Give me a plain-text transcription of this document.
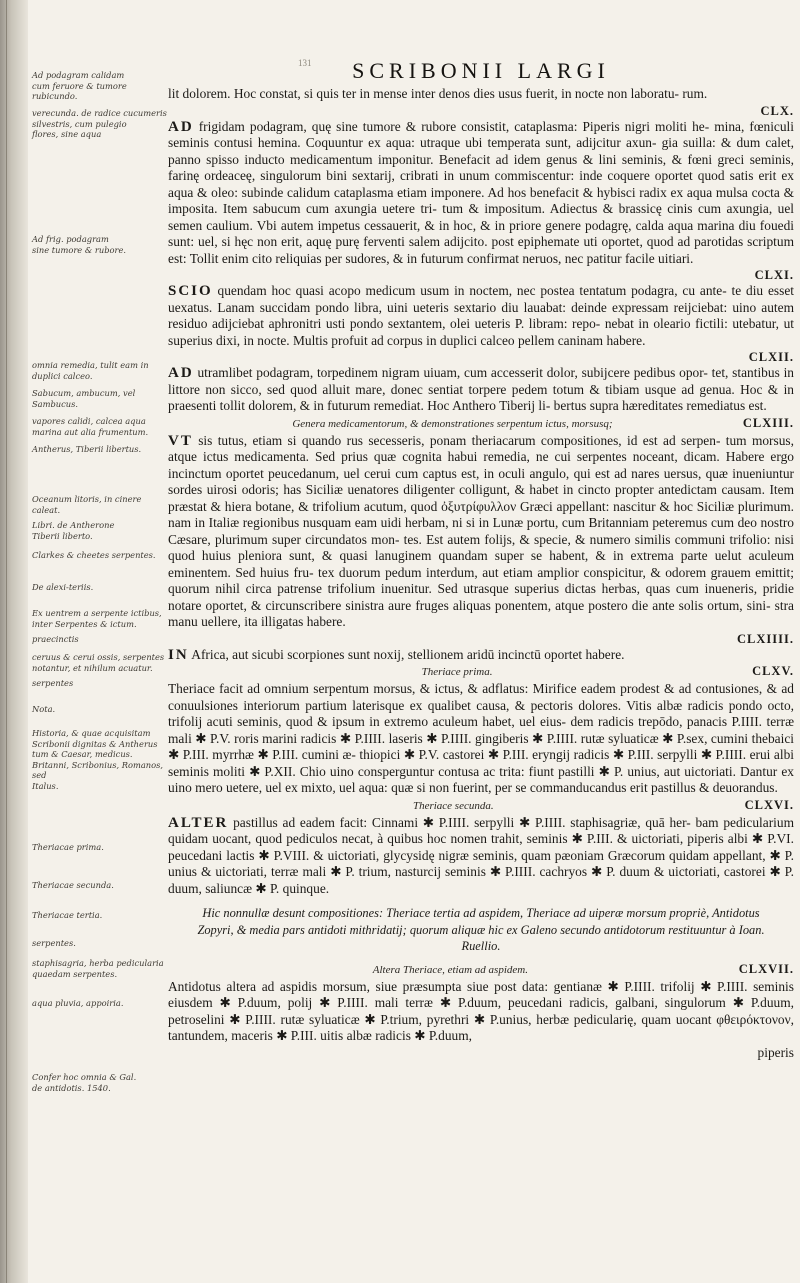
Ad podagram calidam
cum feruore & tumore rubicundo.
verecunda. de radice cucumeris
silvestris, cum pulegio
flores, sine aqua
Ad frig. podagram
sine tumore & rubore.
omnia remedia, tulit eam in
duplici calceo.
Sabucum, ambucum, vel
Sambucus.
vapores calidi, calcea aqua
marina aut alia frumentum.
Antherus, Tiberii libertus.
Oceanum litoris, in cinere caleat.
Libri. de Antherone
Tiberii liberto.
Clarkes & cheetes serpentes.
De alexi-teriis.
Ex uentrem a serpente ictibus,
inter Serpentes & ictum.
praecinctis
ceruus & cerui ossis, serpentes
notantur, et nihilum acuatur.
serpentes
Nota.
Historia, & quae acquisitam
Scribonii dignitas & Antherus
tum & Caesar, medicus.
Britanni, Scribonius, Romanos, sed
Italus.
Theriacae prima.
Theriacae secunda.
Theriacae tertia.
serpentes.
staphisagria, herba pedicularia
quaedam serpentes.
aqua pluvia, appoiria.
Confer hoc omnia & Gal.
de antidotis. 1540.
131	SCRIBONII LARGI

lit dolorem. Hoc constat, si quis ter in mense inter denos dies usus fuerit, in nocte non laboratu- rum.

CLX.

AD frigidam podagram, quę sine tumore & rubore consistit, cataplasma: Piperis nigri moliti he- mina, fœniculi seminis contusi hemina. Coquuntur ex aqua: utraque ubi temperata sunt, adijcitur axun- gia suilla: & dum calet, panno spisso inducto medicamentum imponitur. Benefacit ad idem genus & lini seminis, & fœni greci seminis, farinę ordeaceę, singulorum bini sextarij, cribrati in unum commiscentur: inde coquere oportet quod satis erit ex aqua & oleo: subinde calidum cataplasma etiam imponere. Ad hos benefacit & hybisci radix ex aqua mulsa cocta & imposita. Item sabucum cum axungia uetere tri- tum & impositum. Adiectus & brassicę cinis cum axungia, uel semen caulium. Vbi autem impetus cessauerit, & in hoc, & in priore genere podagrę, calda aqua marina diu fouedi sunt: uel, si hęc non erit, aquę purę ferventi salem adijcito. post epiphemate uti oportet, quod ad parotidas scriptum est: Tollit enim cito reliquias per sudores, & in futurum confirmat neruos, nec patitur facile uitiari.

CLXI.

SCIO quendam hoc quasi acopo medicum usum in noctem, nec postea tentatum podagra, cu ante- te diu esset uexatus. Lanam succidam pondo libra, uini ueteris sextario diu lauabat: deinde expressam reijciebat: uino autem residuo adijciebat aphronitri usti pondo sextantem, olei ueteris P. libram: repo- nebat in oleario fictili: utebatur, ut superius dixi, in nocte. Multis profuit ad corpus in duplici calceo pellem caninam habere.

CLXII.

AD utramlibet podagram, torpedinem nigram uiuam, cum accesserit dolor, subijcere pedibus opor- tet, stantibus in littore non sicco, sed quod alluit mare, donec sentiat torpere pedem totum & tibiam usque ad genua. Hoc & in praesenti tollit dolorem, & in futurum remediat. Hoc Anthero Tiberij li- bertus supra hæreditates remediatus est.

Genera medicamentorum, & demonstrationes serpentum ictus, morsusq;	CLXIII.

VT sis tutus, etiam si quando rus secesseris, ponam theriacarum compositiones, id est ad serpen- tum morsus, atque ictus medicamenta. Sed prius quæ cognita habui remedia, ne cui serpentes noceant, dicam. Habere ergo incinctum oportet peucedanum, uel cerui cum captus est, in oculi angulo, qui est ad nares uersus, quæ inueniuntur sordes uirosi odoris; has Siciliæ uenatores diligenter colligunt, & habet in cincto propter antedictam causam. Item præstat & hiera botane, & trifolium acutum, quod ὀξυτρίφυλλον Græci appellant: nascitur & hoc Siciliæ plurimum. nam in Italiæ regionibus nusquam eam uidi herbam, ni si in Lunæ portu, cum Britanniam peteremus cum deo nostro Cæsare, plurimum super circundatos mon- tes. Est autem folijs, & specie, & numero similis communi trifolio: nisi quod huius pleniora sunt, & quasi lanuginem quandam super se habent, & in extrema parte uelut aculeum eminentem. Sed huius fru- tex duorum pedum interdum, aut etiam amplior conspicitur, & odorem grauem emittit; quorum nihil circa patrense trifolium inuenitur. Sed utrasque superius dictas herbas, quas cum inueneris, pridie notare oportet, & circunscribere sinistra aure fruges aliquas ponentem, atque postero die ante solis ortum, sini- stra manu uellere, ita illigatas habere.

CLXIIII.

IN Africa, aut sicubi scorpiones sunt noxij, stellionem aridū incinctū oportet habere.

Theriace prima.	CLXV.

Theriace facit ad omnium serpentum morsus, & ictus, & adflatus: Mirifice eadem prodest & ad contusiones, & ad conuulsiones interiorum partium laterisque ex qualibet causa, & pectoris dolores. Vitis albæ radicis pondo octo, trifolij acuti seminis, quod & ipsum in extremo aculeum habet, uel eius- dem radicis trepōdo, panacis P.IIII. terræ mali ✱ P.V. roris marini radicis ✱ P.IIII. laseris ✱ P.IIII. gingiberis ✱ P.IIII. rutæ syluaticæ ✱ P.sex, cumini thebaici ✱ P.III. myrrhæ ✱ P.III. cumini æ- thiopici ✱ P.V. castorei ✱ P.III. eryngij radicis ✱ P.III. serpylli ✱ P.IIII. erui albi seminis moliti ✱ P.XII. Chio uino consperguntur contusa ac trita: fiunt pastilli ✱ P. unius, aut uictoriati. Dantur ex uino mero uetere, uel ex mixto, uel aqua: quæ si non fuerint, per se commanducandus erit pastillus & deuorandus.

Theriace secunda.	CLXVI.

ALTER pastillus ad eadem facit: Cinnami ✱ P.IIII. serpylli ✱ P.IIII. staphisagriæ, quā her- bam pedicularium quidam uocant, quod pediculos necat, à quibus hoc nomen trahit, seminis ✱ P.III. & uictoriati, piperis albi ✱ P.VI. peucedani lactis ✱ P.VIII. & uictoriati, glycysidę nigræ seminis, quam pæoniam Græcorum quidam appellant, ✱ P. unius & uictoriati, terræ mali ✱ P. trium, nasturcij seminis ✱ P.IIII. cachryos ✱ P. duum & uictoriati, castorei ✱ P. duum, saliuncæ ✱ P. quinque.

Hic nonnullæ desunt compositiones: Theriace tertia ad aspidem, Theriace ad uiperæ morsum propriè, Antidotus Zopyri, & media pars antidoti mithridatij; quorum aliquæ hic ex Galeno secundo antidotorum restituuntur à Ioan. Ruellio.
Altera Theriace, etiam ad aspidem.	CLXVII.

Antidotus altera ad aspidis morsum, siue præsumpta siue post data: gentianæ ✱ P.IIII. trifolij ✱ P.IIII. seminis eiusdem ✱ P.duum, polij ✱ P.IIII. mali terræ ✱ P.duum, peucedani radicis, galbani, singulorum ✱ P.duum, petroselini ✱ P.IIII. rutæ syluaticæ ✱ P.trium, pyrethri ✱ P.unius, herbæ pedicularię, quam uocant φθειρόκτονον, tantundem, maceris ✱ P.III. uitis albæ radicis ✱ P.duum,

piperis
